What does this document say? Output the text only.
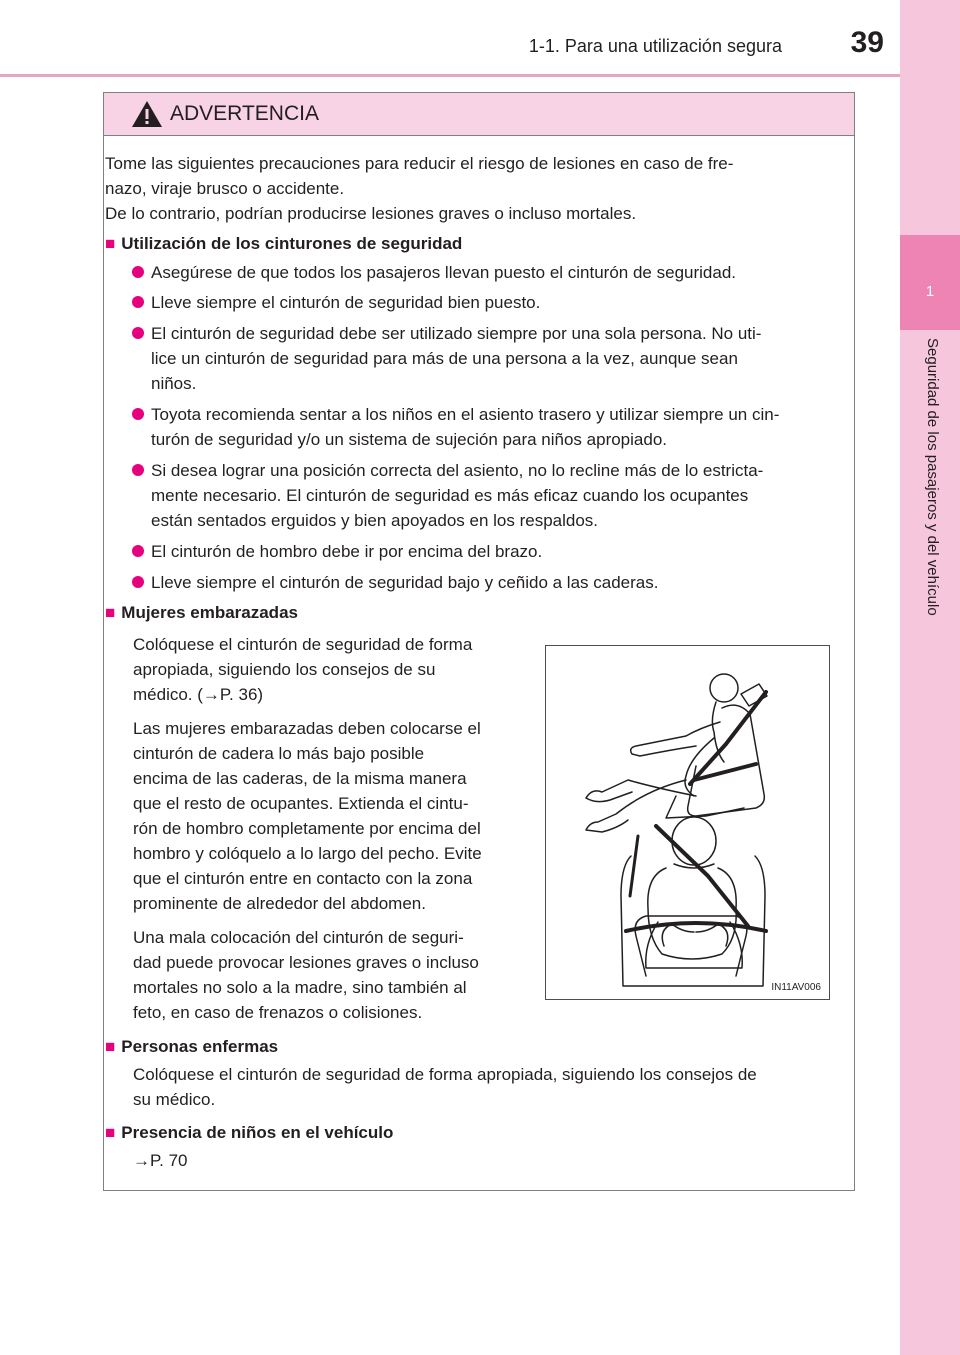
1-1. Para una utilización segura 39
1
Seguridad de los pasajeros y del vehículo
ADVERTENCIA
Tome las siguientes precauciones para reducir el riesgo de lesiones en caso de fre-
nazo, viraje brusco o accidente.
De lo contrario, podrían producirse lesiones graves o incluso mortales.
■ Utilización de los cinturones de seguridad
Asegúrese de que todos los pasajeros llevan puesto el cinturón de seguridad.
Lleve siempre el cinturón de seguridad bien puesto.
El cinturón de seguridad debe ser utilizado siempre por una sola persona. No uti-
lice un cinturón de seguridad para más de una persona a la vez, aunque sean
niños.
Toyota recomienda sentar a los niños en el asiento trasero y utilizar siempre un cin-
turón de seguridad y/o un sistema de sujeción para niños apropiado.
Si desea lograr una posición correcta del asiento, no lo recline más de lo estricta-
mente necesario. El cinturón de seguridad es más eficaz cuando los ocupantes
están sentados erguidos y bien apoyados en los respaldos.
El cinturón de hombro debe ir por encima del brazo.
Lleve siempre el cinturón de seguridad bajo y ceñido a las caderas.
■ Mujeres embarazadas
Colóquese el cinturón de seguridad de forma
apropiada, siguiendo los consejos de su
médico. (→P. 36)
Las mujeres embarazadas deben colocarse el
cinturón de cadera lo más bajo posible
encima de las caderas, de la misma manera
que el resto de ocupantes. Extienda el cintu-
rón de hombro completamente por encima del
hombro y colóquelo a lo largo del pecho. Evite
que el cinturón entre en contacto con la zona
prominente de alrededor del abdomen.
Una mala colocación del cinturón de seguri-
dad puede provocar lesiones graves o incluso
mortales no solo a la madre, sino también al
feto, en caso de frenazos o colisiones.
■ Personas enfermas
Colóquese el cinturón de seguridad de forma apropiada, siguiendo los consejos de
su médico.
■ Presencia de niños en el vehículo
→P. 70
IN11AV006
